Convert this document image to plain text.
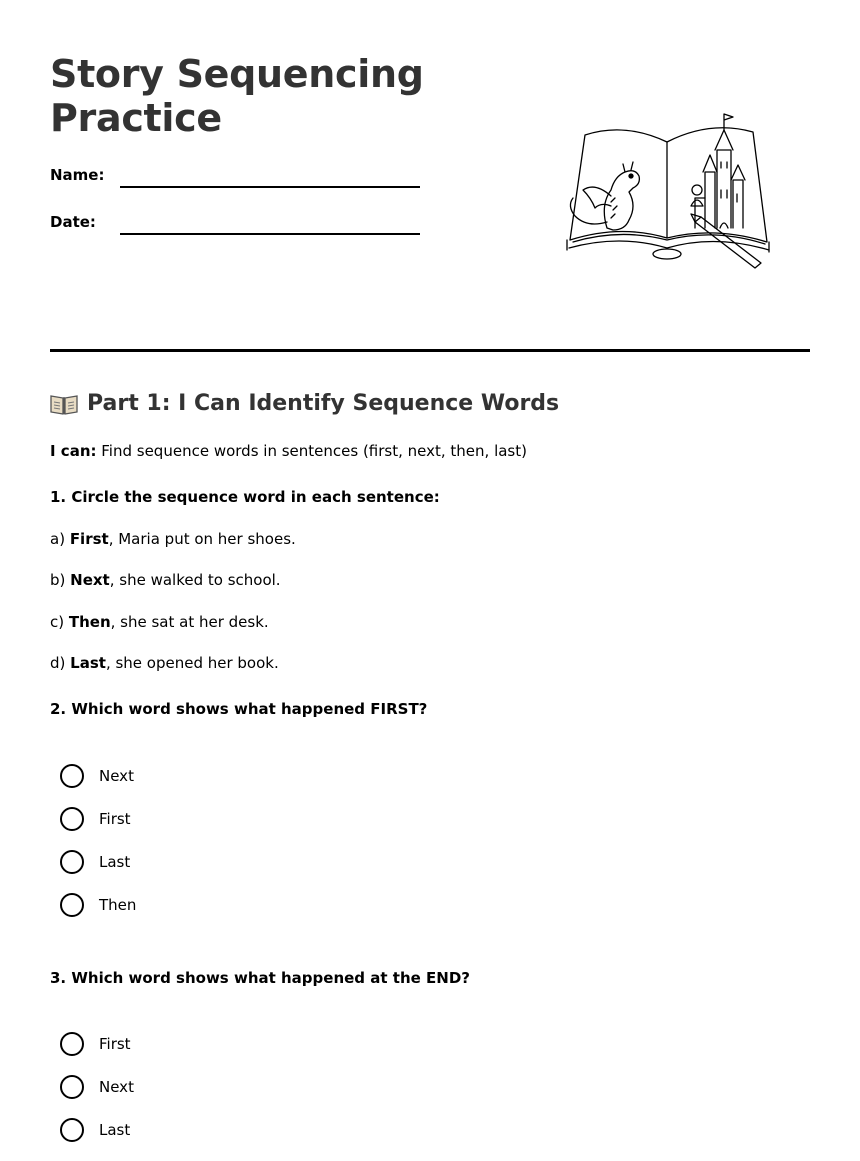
Story Sequencing
Practice
Name:
Date:
Part 1: I Can Identify Sequence Words
I can: Find sequence words in sentences (first, next, then, last)
1. Circle the sequence word in each sentence:
a) First, Maria put on her shoes.
b) Next, she walked to school.
c) Then, she sat at her desk.
d) Last, she opened her book.
2. Which word shows what happened FIRST?
Next
First
Last
Then
3. Which word shows what happened at the END?
First
Next
Last
